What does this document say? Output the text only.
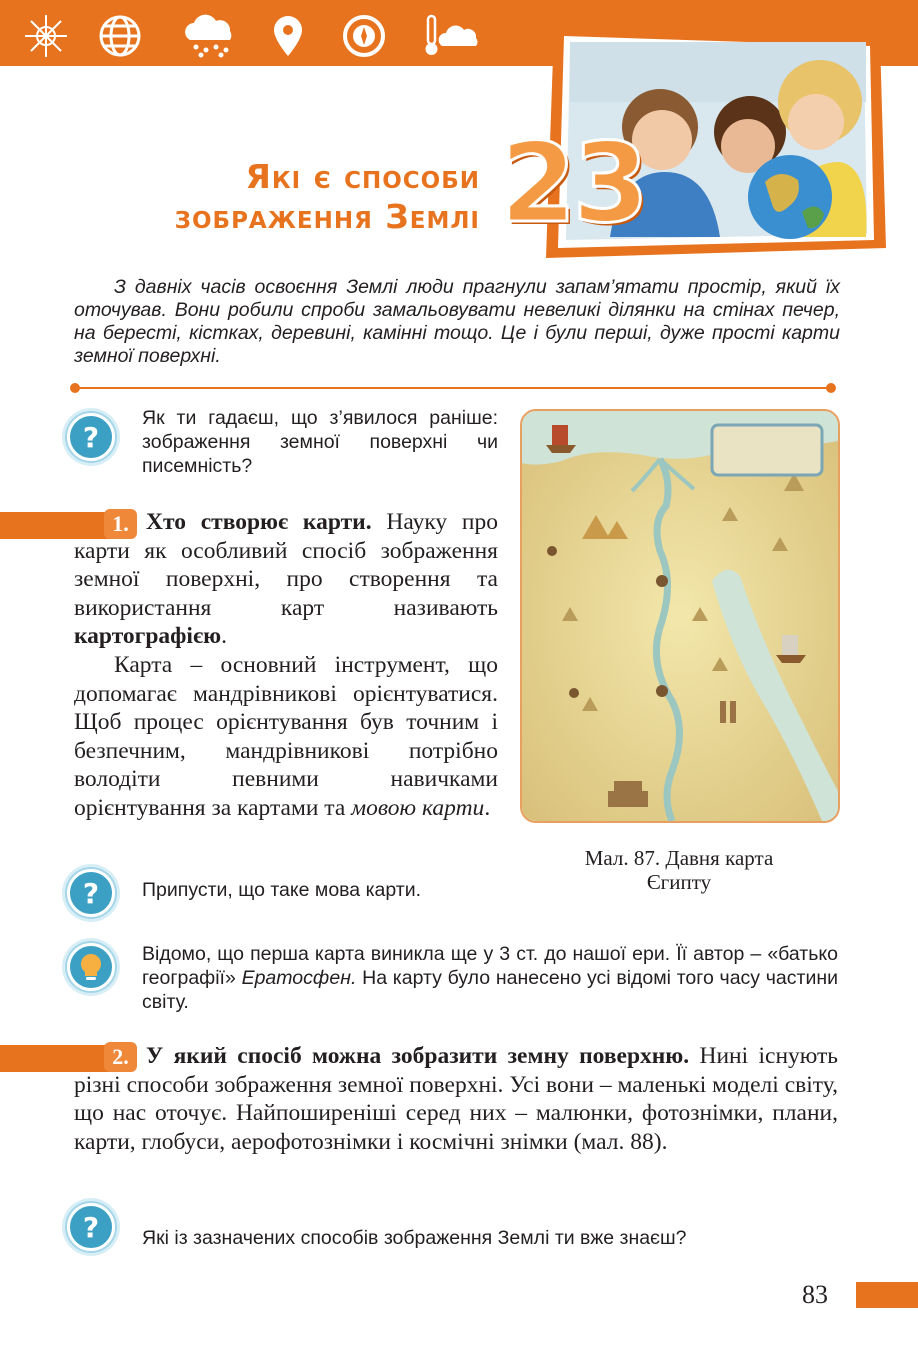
23
Які є способи
зображення Землі
З давніх часів освоєння Землі люди прагнули запам’ятати простір, який їх оточував. Вони робили спроби замальовувати невеликі ділянки на стінах печер, на бересті, кістках, деревині, камінні тощо. Це і були перші, дуже прості карти земної поверхні.
?
Як ти гадаєш, що з’явилося раніше: зображення земної поверхні чи писемність?
1. Хто створює карти. Науку про карти як особливий спосіб зображення земної поверхні, про створення та використання карт називають картографією.
Карта – основний інструмент, що допомагає мандрівникові орієнтуватися. Щоб процес орієнтування був точним і безпечним, мандрівникові потрібно володіти певними навичками орієнтування за картами та мовою карти.
Мал. 87. Давня карта
Єгипту
?	Припусти, що таке мова карти.
Відомо, що перша карта виникла ще у 3 ст. до нашої ери. Її автор – «батько географії» Ератосфен. На карту було нанесено усі відомі того часу частини світу.
2. У який спосіб можна зобразити земну поверхню. Нині існують різні способи зображення земної поверхні. Усі вони – маленькі моделі світу, що нас оточує. Найпоширеніші серед них – малюнки, фотознімки, плани, карти, глобуси, аерофотознімки і космічні знімки (мал. 88).
?	Які із зазначених способів зображення Землі ти вже знаєш?
83
